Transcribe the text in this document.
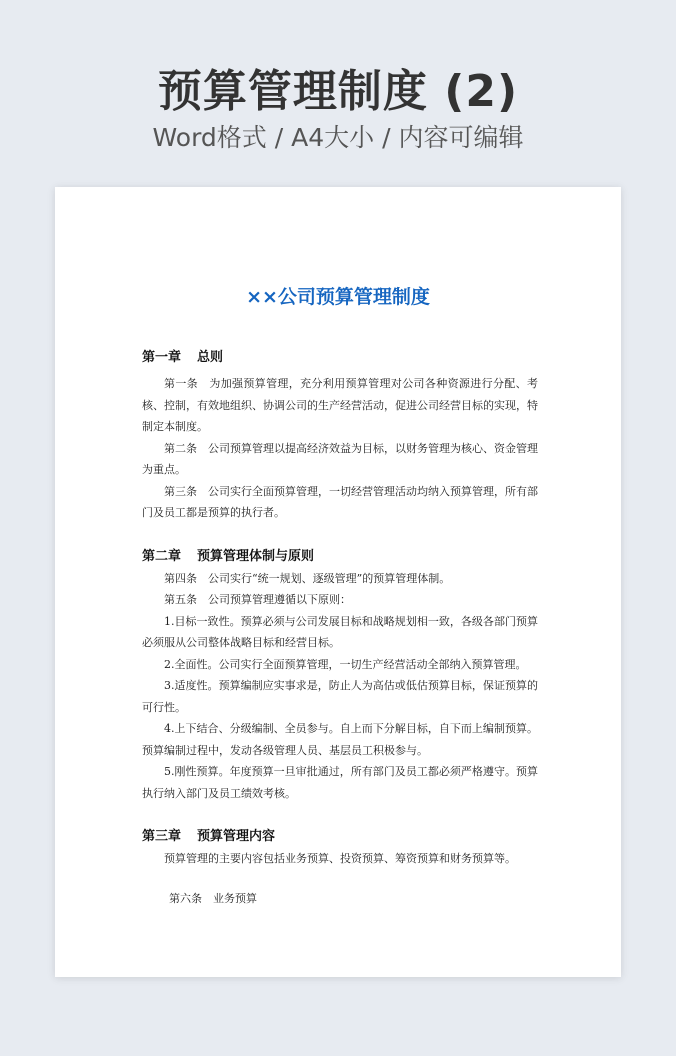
预算管理制度 (2)
Word格式 / A4大小 / 内容可编辑
××公司预算管理制度

第一章 总则

第一条　为加强预算管理，充分利用预算管理对公司各种资源进行分配、考核、控制，有效地组织、协调公司的生产经营活动，促进公司经营目标的实现，特制定本制度。

第二条　公司预算管理以提高经济效益为目标，以财务管理为核心、资金管理为重点。

第三条　公司实行全面预算管理，一切经营管理活动均纳入预算管理，所有部门及员工都是预算的执行者。

第二章 预算管理体制与原则

第四条　公司实行“统一规划、逐级管理”的预算管理体制。

第五条　公司预算管理遵循以下原则：

1.目标一致性。预算必须与公司发展目标和战略规划相一致，各级各部门预算必须服从公司整体战略目标和经营目标。

2.全面性。公司实行全面预算管理，一切生产经营活动全部纳入预算管理。

3.适度性。预算编制应实事求是，防止人为高估或低估预算目标，保证预算的可行性。

4.上下结合、分级编制、全员参与。自上而下分解目标，自下而上编制预算。预算编制过程中，发动各级管理人员、基层员工积极参与。

5.刚性预算。年度预算一旦审批通过，所有部门及员工都必须严格遵守。预算执行纳入部门及员工绩效考核。

第三章 预算管理内容

预算管理的主要内容包括业务预算、投资预算、筹资预算和财务预算等。

第六条　业务预算
